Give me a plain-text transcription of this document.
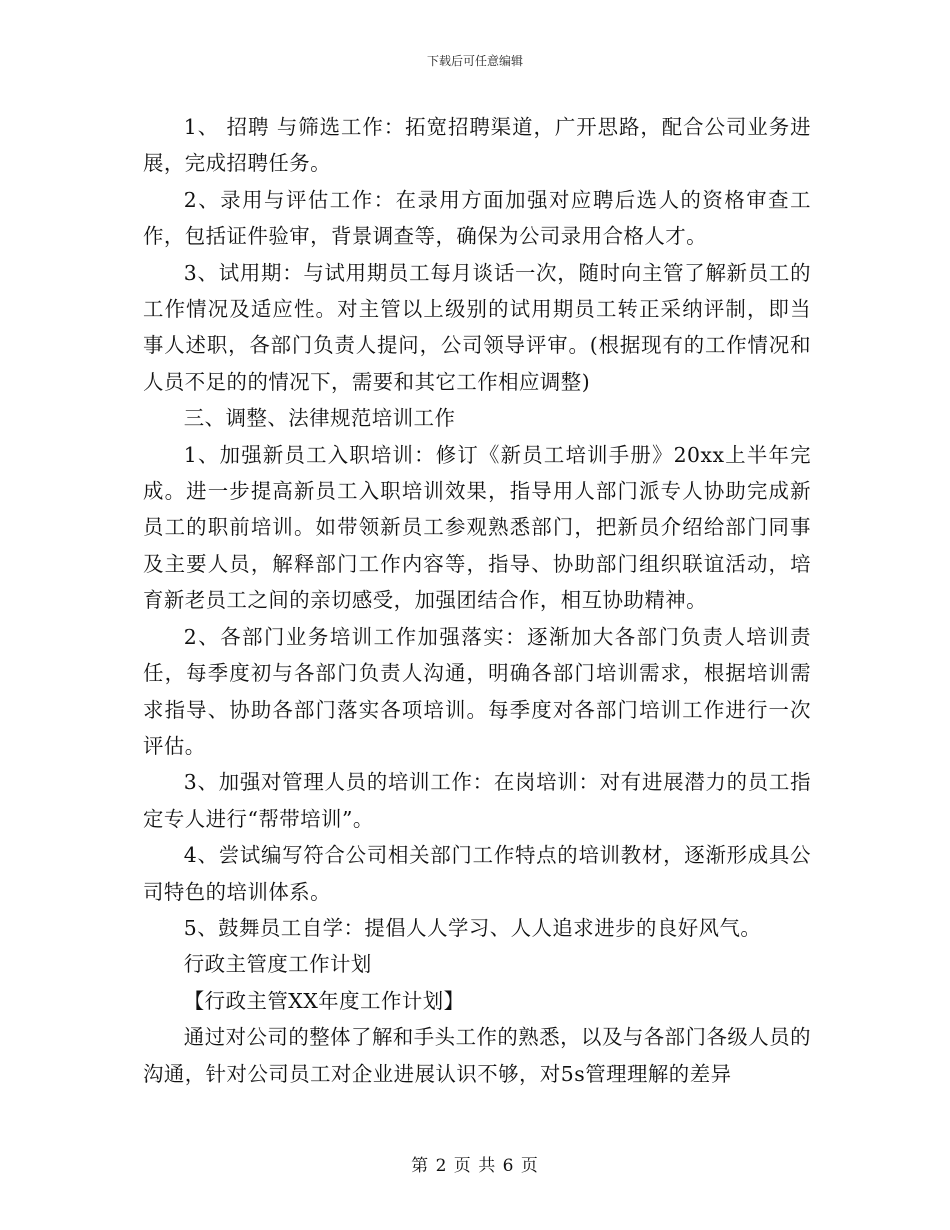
下载后可任意编辑

1、 招聘 与筛选工作：拓宽招聘渠道，广开思路，配合公司业务进展，完成招聘任务。

2、录用与评估工作：在录用方面加强对应聘后选人的资格审查工作，包括证件验审，背景调查等，确保为公司录用合格人才。

3、试用期：与试用期员工每月谈话一次，随时向主管了解新员工的工作情况及适应性。对主管以上级别的试用期员工转正采纳评制，即当事人述职，各部门负责人提问，公司领导评审。(根据现有的工作情况和人员不足的的情况下，需要和其它工作相应调整)

三、调整、法律规范培训工作

1、加强新员工入职培训：修订《新员工培训手册》20xx上半年完成。进一步提高新员工入职培训效果，指导用人部门派专人协助完成新员工的职前培训。如带领新员工参观熟悉部门，把新员介绍给部门同事及主要人员，解释部门工作内容等，指导、协助部门组织联谊活动，培育新老员工之间的亲切感受，加强团结合作，相互协助精神。

2、各部门业务培训工作加强落实：逐渐加大各部门负责人培训责任，每季度初与各部门负责人沟通，明确各部门培训需求，根据培训需求指导、协助各部门落实各项培训。每季度对各部门培训工作进行一次评估。

3、加强对管理人员的培训工作：在岗培训：对有进展潜力的员工指定专人进行“帮带培训”。

4、尝试编写符合公司相关部门工作特点的培训教材，逐渐形成具公司特色的培训体系。

5、鼓舞员工自学：提倡人人学习、人人追求进步的良好风气。

行政主管度工作计划

【行政主管XX年度工作计划】

通过对公司的整体了解和手头工作的熟悉，以及与各部门各级人员的沟通，针对公司员工对企业进展认识不够，对5s管理理解的差异

第 2 页 共 6 页
